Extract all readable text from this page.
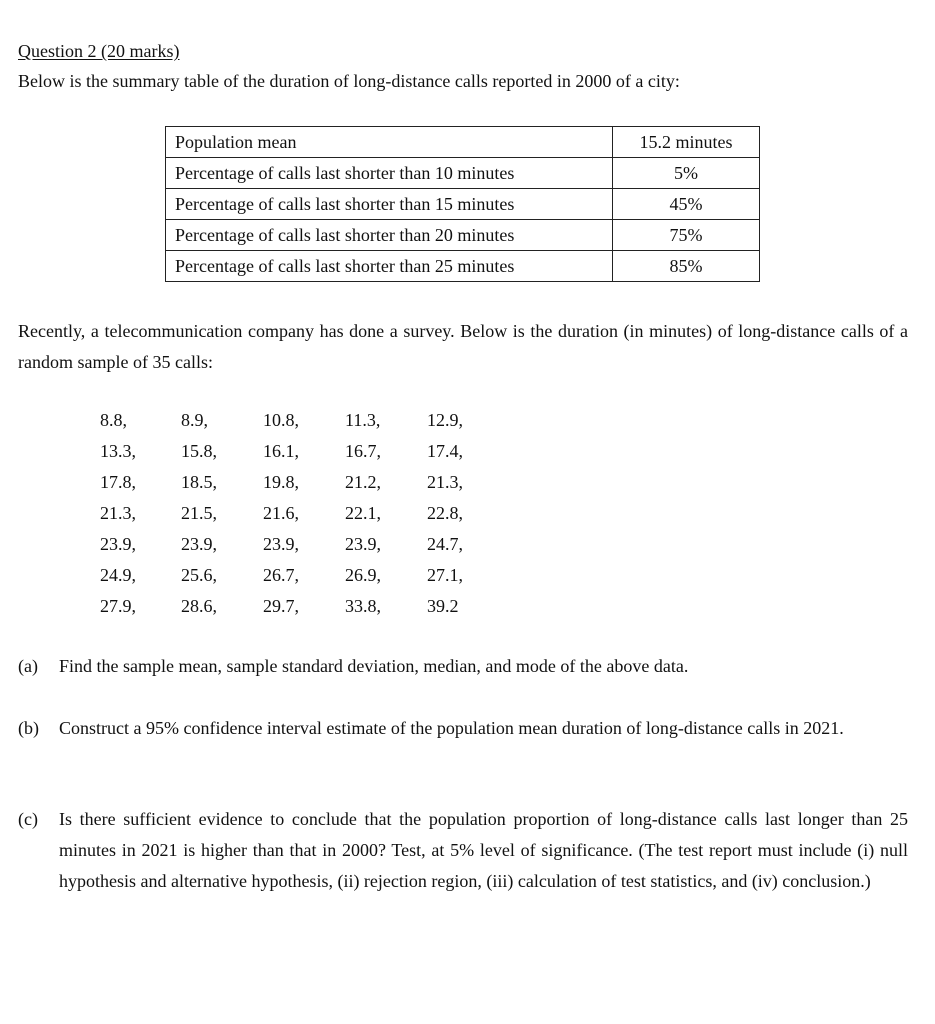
Question 2 (20 marks)
Below is the summary table of the duration of long-distance calls reported in 2000 of a city:
Population mean	15.2 minutes
Percentage of calls last shorter than 10 minutes	5%
Percentage of calls last shorter than 15 minutes	45%
Percentage of calls last shorter than 20 minutes	75%
Percentage of calls last shorter than 25 minutes	85%
Recently, a telecommunication company has done a survey. Below is the duration (in minutes) of long-distance calls of a random sample of 35 calls:
8.8,	8.9,	10.8,	11.3,	12.9,
13.3,	15.8,	16.1,	16.7,	17.4,
17.8,	18.5,	19.8,	21.2,	21.3,
21.3,	21.5,	21.6,	22.1,	22.8,
23.9,	23.9,	23.9,	23.9,	24.7,
24.9,	25.6,	26.7,	26.9,	27.1,
27.9,	28.6,	29.7,	33.8,	39.2
(a) Find the sample mean, sample standard deviation, median, and mode of the above data.
(b) Construct a 95% confidence interval estimate of the population mean duration of long-distance calls in 2021.
(c) Is there sufficient evidence to conclude that the population proportion of long-distance calls last longer than 25 minutes in 2021 is higher than that in 2000? Test, at 5% level of significance. (The test report must include (i) null hypothesis and alternative hypothesis, (ii) rejection region, (iii) calculation of test statistics, and (iv) conclusion.)
